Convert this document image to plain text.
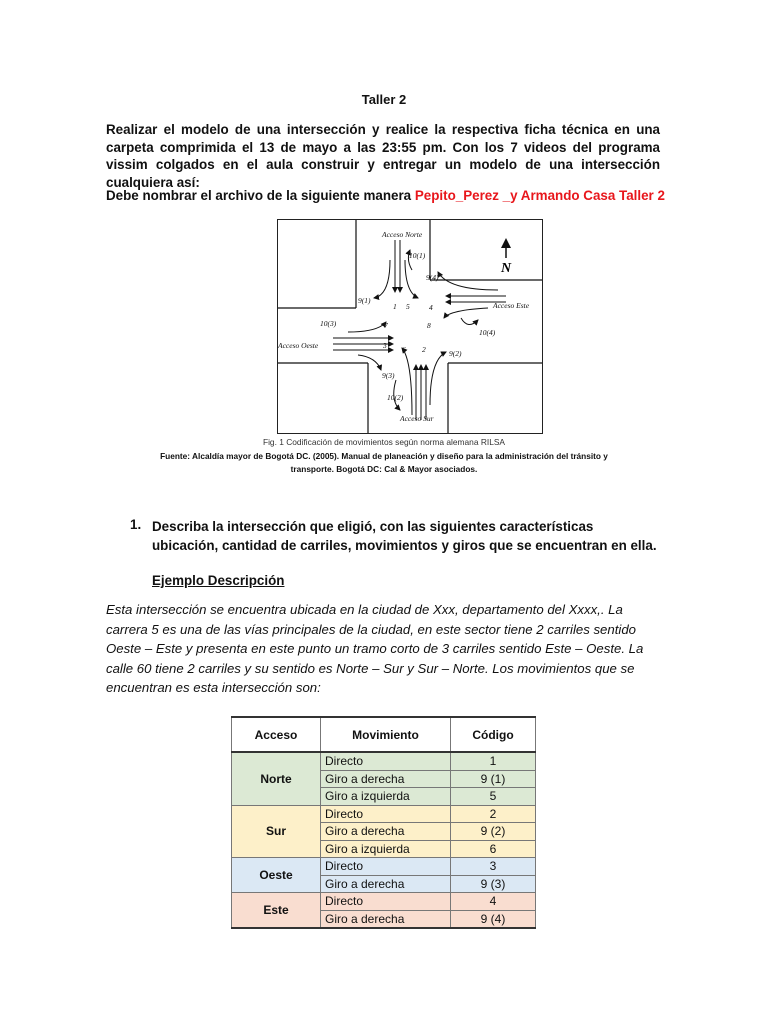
Taller 2
Realizar el modelo de una intersección y realice la respectiva ficha técnica en una carpeta comprimida el 13 de mayo a las 23:55 pm. Con los 7 videos del programa vissim colgados en el aula construir y entregar un modelo de una intersección cualquiera así:
Debe nombrar el archivo de la siguiente manera Pepito_Perez _y Armando Casa Taller 2
N
Acceso Norte
10(1)
9(4)
9(1)
1 5	4	Acceso Este
8
10(4)
10(3)	7
Acceso Oeste	3 6 2	9(2)
9(3)
10(2)
Acceso Sur
Fig. 1 Codificación de movimientos según norma alemana RILSA
Fuente: Alcaldía mayor de Bogotá DC. (2005). Manual de planeación y diseño para la administración del tránsito y transporte. Bogotá DC: Cal & Mayor asociados.
1. Describa la intersección que eligió, con las siguientes características ubicación, cantidad de carriles, movimientos y giros que se encuentran en ella.
Ejemplo Descripción
Esta intersección se encuentra ubicada en la ciudad de Xxx, departamento del Xxxx,. La carrera 5 es una de las vías principales de la ciudad, en este sector tiene 2 carriles sentido Oeste – Este y presenta en este punto un tramo corto de 3 carriles sentido Este – Oeste. La calle 60 tiene 2 carriles y su sentido es Norte – Sur y Sur – Norte. Los movimientos que se encuentran es esta intersección son:
Acceso	Movimiento	Código
Norte	Directo	1
	Giro a derecha	9 (1)
	Giro a izquierda	5
Sur	Directo	2
	Giro a derecha	9 (2)
	Giro a izquierda	6
Oeste	Directo	3
	Giro a derecha	9 (3)
Este	Directo	4
	Giro a derecha	9 (4)
